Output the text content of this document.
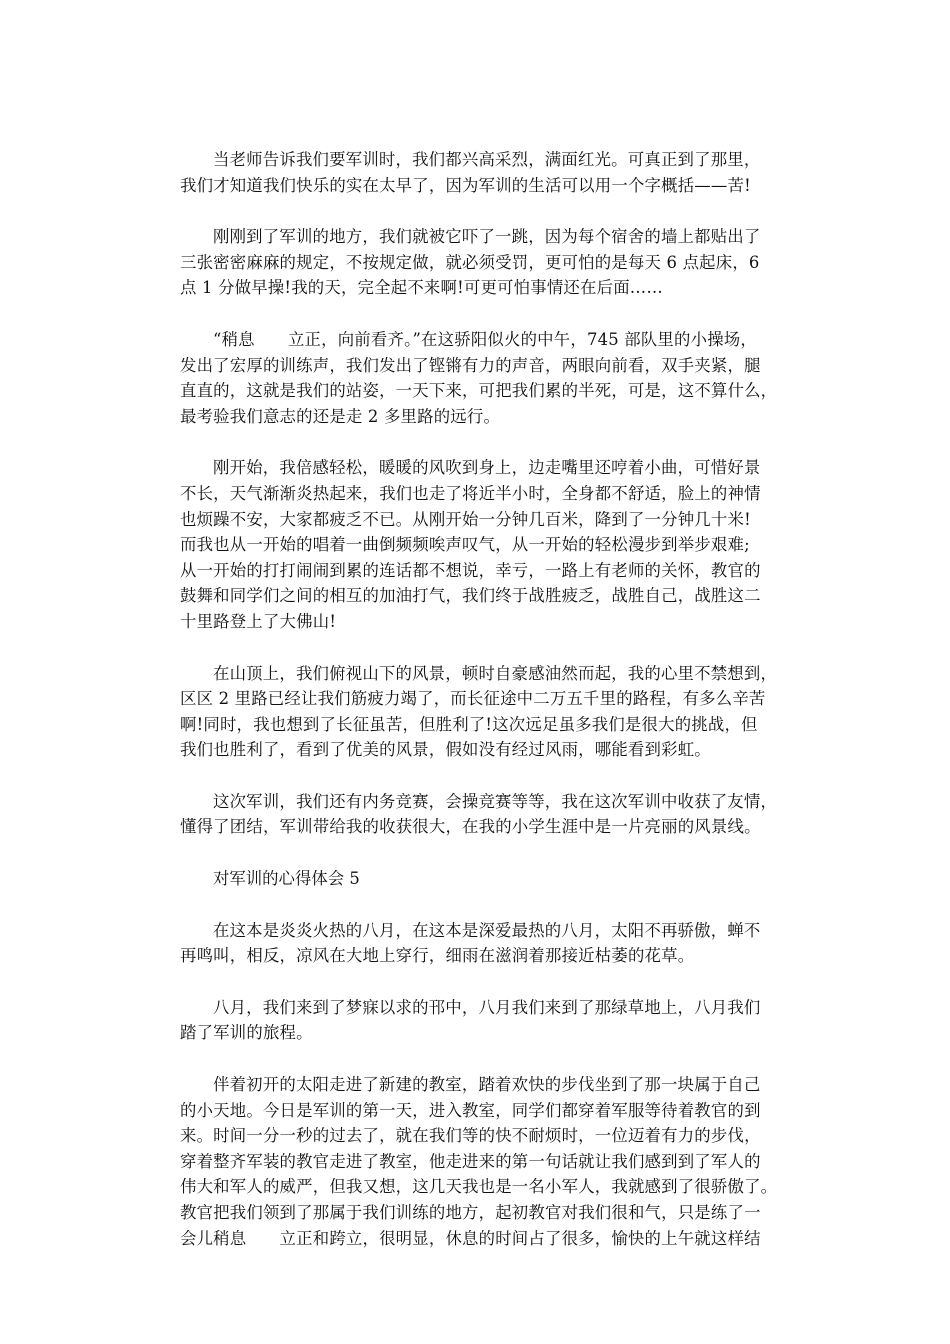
当老师告诉我们要军训时，我们都兴高采烈，满面红光。可真正到了那里，
我们才知道我们快乐的实在太早了，因为军训的生活可以用一个字概括——苦!
刚刚到了军训的地方，我们就被它吓了一跳，因为每个宿舍的墙上都贴出了
三张密密麻麻的规定，不按规定做，就必须受罚，更可怕的是每天 6 点起床，6
点 1 分做早操!我的天，完全起不来啊!可更可怕事情还在后面……
“稍息　　立正，向前看齐。”在这骄阳似火的中午，745 部队里的小操场，
发出了宏厚的训练声，我们发出了铿锵有力的声音，两眼向前看，双手夹紧，腿
直直的，这就是我们的站姿，一天下来，可把我们累的半死，可是，这不算什么，
最考验我们意志的还是走 2 多里路的远行。
刚开始，我倍感轻松，暖暖的风吹到身上，边走嘴里还哼着小曲，可惜好景
不长，天气渐渐炎热起来，我们也走了将近半小时，全身都不舒适，脸上的神情
也烦躁不安，大家都疲乏不已。从刚开始一分钟几百米，降到了一分钟几十米!
而我也从一开始的唱着一曲倒频频唉声叹气，从一开始的轻松漫步到举步艰难;
从一开始的打打闹闹到累的连话都不想说，幸亏，一路上有老师的关怀，教官的
鼓舞和同学们之间的相互的加油打气，我们终于战胜疲乏，战胜自己，战胜这二
十里路登上了大佛山!
在山顶上，我们俯视山下的风景，顿时自豪感油然而起，我的心里不禁想到，
区区 2 里路已经让我们筋疲力竭了，而长征途中二万五千里的路程，有多么辛苦
啊!同时，我也想到了长征虽苦，但胜利了!这次远足虽多我们是很大的挑战，但
我们也胜利了，看到了优美的风景，假如没有经过风雨，哪能看到彩虹。
这次军训，我们还有内务竞赛，会操竞赛等等，我在这次军训中收获了友情，
懂得了团结，军训带给我的收获很大，在我的小学生涯中是一片亮丽的风景线。
对军训的心得体会 5
在这本是炎炎火热的八月，在这本是深爱最热的八月，太阳不再骄傲，蝉不
再鸣叫，相反，凉风在大地上穿行，细雨在滋润着那接近枯萎的花草。
八月，我们来到了梦寐以求的邗中，八月我们来到了那绿草地上，八月我们
踏了军训的旅程。
伴着初开的太阳走进了新建的教室，踏着欢快的步伐坐到了那一块属于自己
的小天地。今日是军训的第一天，进入教室，同学们都穿着军服等待着教官的到
来。时间一分一秒的过去了，就在我们等的快不耐烦时，一位迈着有力的步伐，
穿着整齐军装的教官走进了教室，他走进来的第一句话就让我们感到到了军人的
伟大和军人的威严，但我又想，这几天我也是一名小军人，我就感到了很骄傲了。
教官把我们领到了那属于我们训练的地方，起初教官对我们很和气，只是练了一
会儿稍息　　立正和跨立，很明显，休息的时间占了很多，愉快的上午就这样结
